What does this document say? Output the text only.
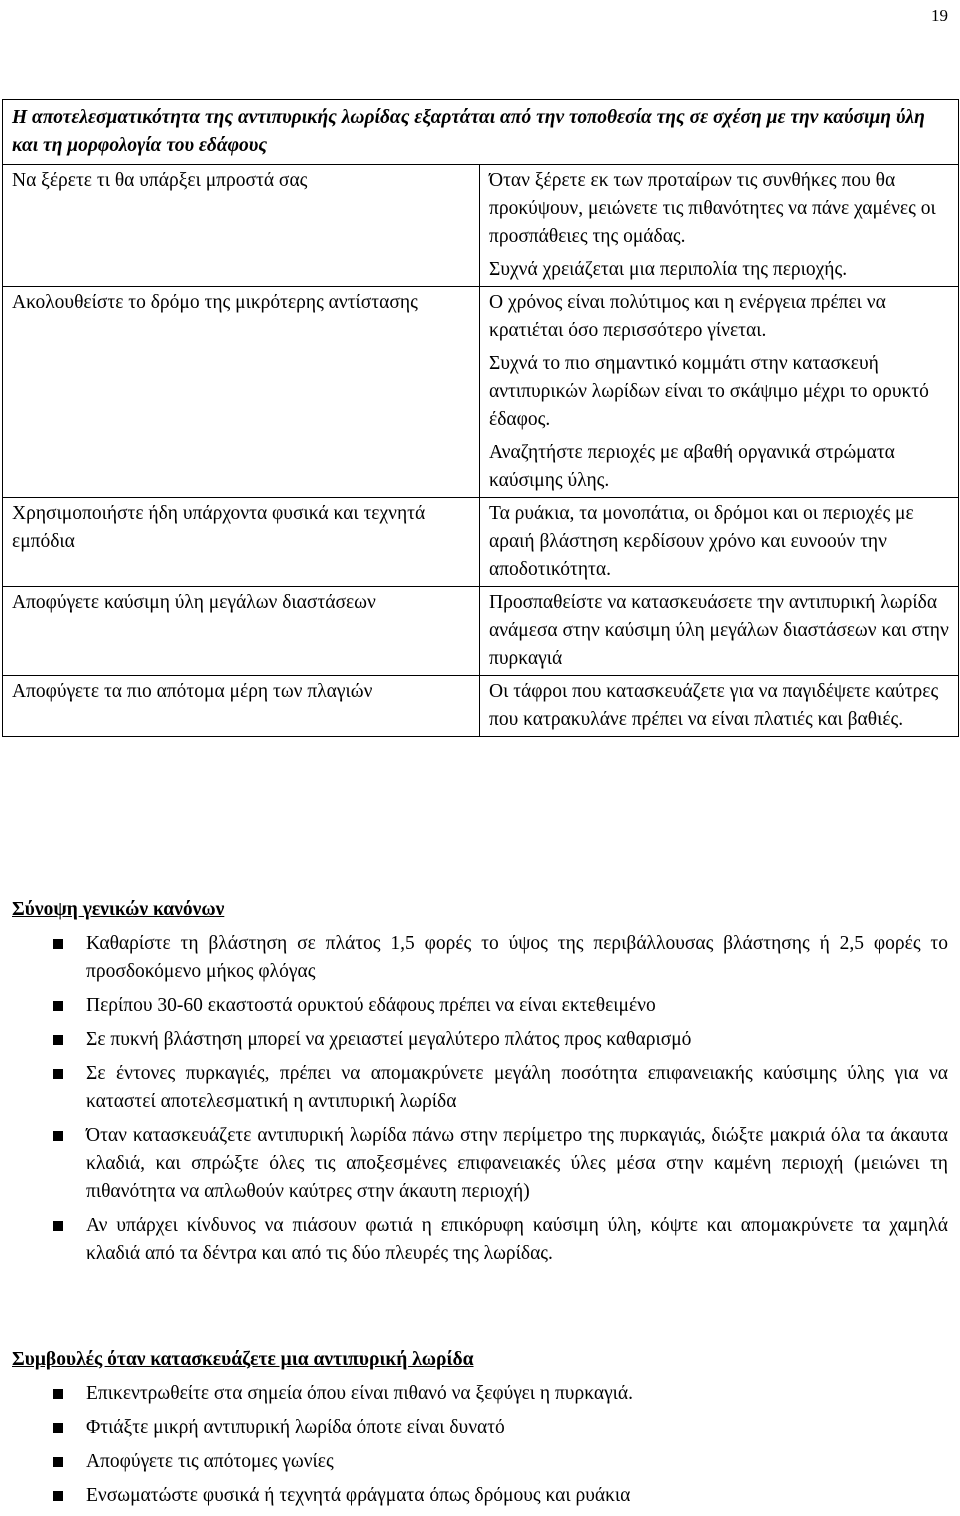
19
Η αποτελεσματικότητα της αντιπυρικής λωρίδας εξαρτάται από την τοποθεσία της σε σχέση με την καύσιμη ύλη και τη μορφολογία του εδάφους	
Να ξέρετε τι θα υπάρξει μπροστά σας	Όταν ξέρετε εκ των προταίρων τις συνθήκες που θα προκύψουν, μειώνετε τις πιθανότητες να πάνε χαμένες οι προσπάθειες της ομάδας.

Συχνά χρειάζεται μια περιπολία της περιοχής.

Ακολουθείστε το δρόμο της μικρότερης αντίστασης	Ο χρόνος είναι πολύτιμος και η ενέργεια πρέπει να κρατιέται όσο περισσότερο γίνεται.

Συχνά το πιο σημαντικό κομμάτι στην κατασκευή αντιπυρικών λωρίδων είναι το σκάψιμο μέχρι το ορυκτό έδαφος.

Αναζητήστε περιοχές με αβαθή οργανικά στρώματα καύσιμης ύλης.

Χρησιμοποιήστε ήδη υπάρχοντα φυσικά και τεχνητά εμπόδια	Τα ρυάκια, τα μονοπάτια, οι δρόμοι και οι περιοχές με αραιή βλάστηση κερδίσουν χρόνο και ευνοούν την αποδοτικότητα.

Αποφύγετε καύσιμη ύλη μεγάλων διαστάσεων	Προσπαθείστε να κατασκευάσετε την αντιπυρική λωρίδα ανάμεσα στην καύσιμη ύλη μεγάλων διαστάσεων και στην πυρκαγιά

Αποφύγετε τα πιο απότομα μέρη των πλαγιών	Οι τάφροι που κατασκευάζετε για να παγιδέψετε καύτρες που κατρακυλάνε πρέπει να είναι πλατιές και βαθιές.

Σύνοψη γενικών κανόνων
Καθαρίστε τη βλάστηση σε πλάτος 1,5 φορές το ύψος της περιβάλλουσας βλάστησης ή 2,5 φορές το προσδοκόμενο μήκος φλόγας
Περίπου 30-60 εκαστοστά ορυκτού εδάφους πρέπει να είναι εκτεθειμένο
Σε πυκνή βλάστηση μπορεί να χρειαστεί μεγαλύτερο πλάτος προς καθαρισμό
Σε έντονες πυρκαγιές, πρέπει να απομακρύνετε μεγάλη ποσότητα επιφανειακής καύσιμης ύλης για να καταστεί αποτελεσματική η αντιπυρική λωρίδα
Όταν κατασκευάζετε αντιπυρική λωρίδα πάνω στην περίμετρο της πυρκαγιάς, διώξτε μακριά όλα τα άκαυτα κλαδιά, και σπρώξτε όλες τις αποξεσμένες επιφανειακές ύλες μέσα στην καμένη περιοχή (μειώνει τη πιθανότητα να απλωθούν καύτρες στην άκαυτη περιοχή)
Αν υπάρχει κίνδυνος να πιάσουν φωτιά η επικόρυφη καύσιμη ύλη, κόψτε και απομακρύνετε τα χαμηλά κλαδιά από τα δέντρα και από τις δύο πλευρές της λωρίδας.
Συμβουλές όταν κατασκευάζετε μια αντιπυρική λωρίδα
Επικεντρωθείτε στα σημεία όπου είναι πιθανό να ξεφύγει η πυρκαγιά.
Φτιάξτε μικρή αντιπυρική λωρίδα όποτε είναι δυνατό
Αποφύγετε τις απότομες γωνίες
Ενσωματώστε φυσικά ή τεχνητά φράγματα όπως δρόμους και ρυάκια
